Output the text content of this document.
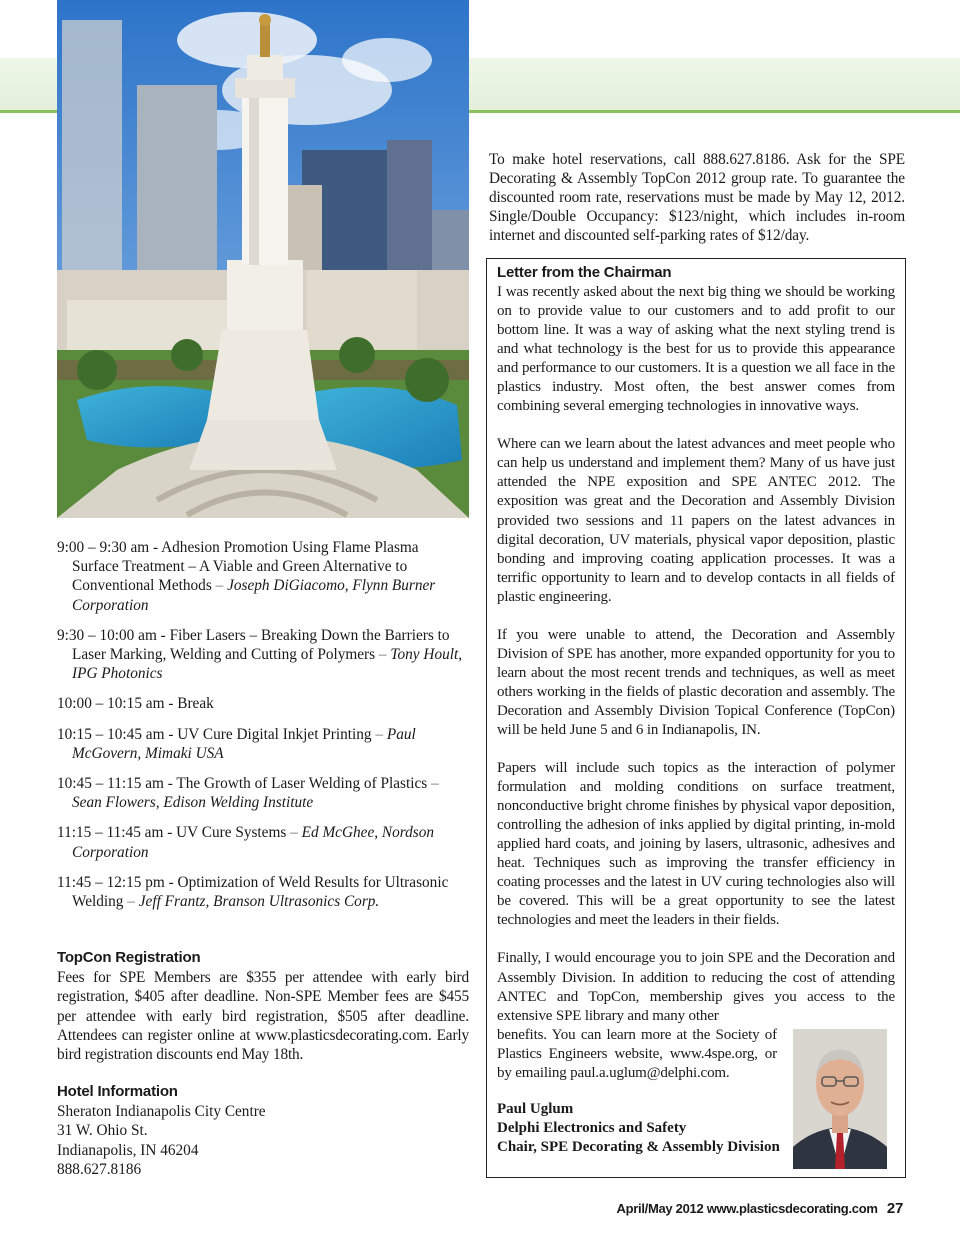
To make hotel reservations, call 888.627.8186. Ask for the SPE Decorating & Assembly TopCon 2012 group rate. To guarantee the discounted room rate, reservations must be made by May 12, 2012. Single/Double Occupancy: $123/night, which includes in-room internet and discounted self-parking rates of $12/day.
Letter from the Chairman

I was recently asked about the next big thing we should be working on to provide value to our customers and to add profit to our bottom line. It was a way of asking what the next styling trend is and what technology is the best for us to provide this appearance and performance to our customers. It is a question we all face in the plastics industry. Most often, the best answer comes from combining several emerging technologies in innovative ways.

Where can we learn about the latest advances and meet people who can help us understand and implement them? Many of us have just attended the NPE exposition and SPE ANTEC 2012. The exposition was great and the Decoration and Assembly Division provided two sessions and 11 papers on the latest advances in digital decoration, UV materials, physical vapor deposition, plastic bonding and improving coating application processes. It was a terrific opportunity to learn and to develop contacts in all fields of plastic engineering.

If you were unable to attend, the Decoration and Assembly Division of SPE has another, more expanded opportunity for you to learn about the most recent trends and techniques, as well as meet others working in the fields of plastic decoration and assembly. The Decoration and Assembly Division Topical Conference (TopCon) will be held June 5 and 6 in Indianapolis, IN.

Papers will include such topics as the interaction of polymer formulation and molding conditions on surface treatment, nonconductive bright chrome finishes by physical vapor deposition, controlling the adhesion of inks applied by digital printing, in-mold applied hard coats, and joining by lasers, ultrasonic, adhesives and heat. Techniques such as improving the transfer efficiency in coating processes and the latest in UV curing technologies also will be covered. This will be a great opportunity to see the latest technologies and meet the leaders in their fields.

Finally, I would encourage you to join SPE and the Decoration and Assembly Division. In addition to reducing the cost of attending ANTEC and TopCon, membership gives you access to the extensive SPE library and many other

benefits. You can learn more at the Society of Plastics Engineers website, www.4spe.org, or by emailing paul.a.uglum@delphi.com.

Paul Uglum
Delphi Electronics and Safety
Chair, SPE Decorating & Assembly Division
9:00 – 9:30 am - Adhesion Promotion Using Flame Plasma Surface Treatment – A Viable and Green Alternative to Conventional Methods – Joseph DiGiacomo, Flynn Burner Corporation
9:30 – 10:00 am - Fiber Lasers – Breaking Down the Barriers to Laser Marking, Welding and Cutting of Polymers – Tony Hoult, IPG Photonics
10:00 – 10:15 am - Break
10:15 – 10:45 am - UV Cure Digital Inkjet Printing – Paul McGovern, Mimaki USA
10:45 – 11:15 am - The Growth of Laser Welding of Plastics – Sean Flowers, Edison Welding Institute
11:15 – 11:45 am - UV Cure Systems – Ed McGhee, Nordson Corporation
11:45 – 12:15 pm - Optimization of Weld Results for Ultrasonic Welding – Jeff Frantz, Branson Ultrasonics Corp.
TopCon Registration

Fees for SPE Members are $355 per attendee with early bird registration, $405 after deadline. Non-SPE Member fees are $455 per attendee with early bird registration, $505 after deadline. Attendees can register online at www.plasticsdecorating.com. Early bird registration discounts end May 18th.

Hotel Information
Sheraton Indianapolis City Centre
31 W. Ohio St.
Indianapolis, IN 46204
888.627.8186
April/May 2012 www.plasticsdecorating.com 27
